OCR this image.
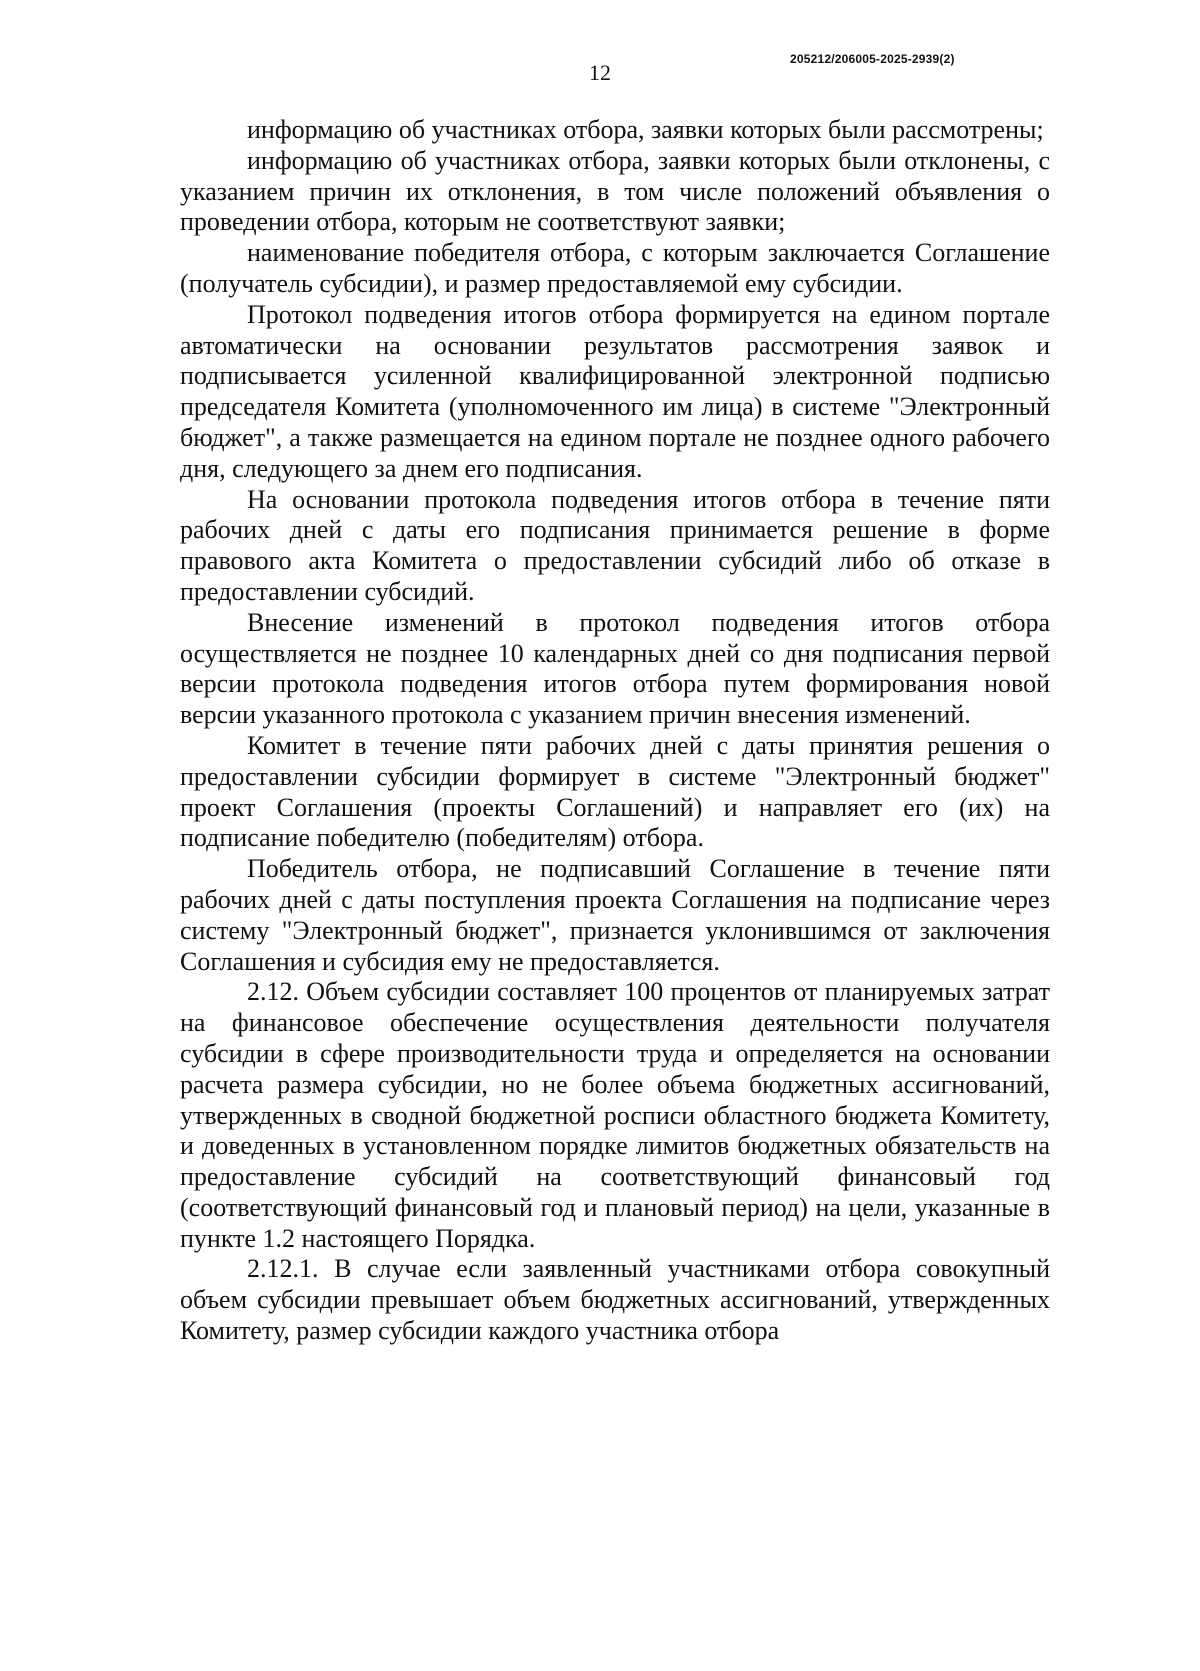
12
205212/206005-2025-2939(2)

информацию об участниках отбора, заявки которых были рассмотрены;

информацию об участниках отбора, заявки которых были отклонены, с указанием причин их отклонения, в том числе положений объявления о проведении отбора, которым не соответствуют заявки;

наименование победителя отбора, с которым заключается Соглашение (получатель субсидии), и размер предоставляемой ему субсидии.

Протокол подведения итогов отбора формируется на едином портале автоматически на основании результатов рассмотрения заявок и подписывается усиленной квалифицированной электронной подписью председателя Комитета (уполномоченного им лица) в системе "Электронный бюджет", а также размещается на едином портале не позднее одного рабочего дня, следующего за днем его подписания.

На основании протокола подведения итогов отбора в течение пяти рабочих дней с даты его подписания принимается решение в форме правового акта Комитета о предоставлении субсидий либо об отказе в предоставлении субсидий.

Внесение изменений в протокол подведения итогов отбора осуществляется не позднее 10 календарных дней со дня подписания первой версии протокола подведения итогов отбора путем формирования новой версии указанного протокола с указанием причин внесения изменений.

Комитет в течение пяти рабочих дней с даты принятия решения о предоставлении субсидии формирует в системе "Электронный бюджет" проект Соглашения (проекты Соглашений) и направляет его (их) на подписание победителю (победителям) отбора.

Победитель отбора, не подписавший Соглашение в течение пяти рабочих дней с даты поступления проекта Соглашения на подписание через систему "Электронный бюджет", признается уклонившимся от заключения Соглашения и субсидия ему не предоставляется.

2.12. Объем субсидии составляет 100 процентов от планируемых затрат на финансовое обеспечение осуществления деятельности получателя субсидии в сфере производительности труда и определяется на основании расчета размера субсидии, но не более объема бюджетных ассигнований, утвержденных в сводной бюджетной росписи областного бюджета Комитету, и доведенных в установленном порядке лимитов бюджетных обязательств на предоставление субсидий на соответствующий финансовый год (соответствующий финансовый год и плановый период) на цели, указанные в пункте 1.2 настоящего Порядка.

2.12.1. В случае если заявленный участниками отбора совокупный объем субсидии превышает объем бюджетных ассигнований, утвержденных Комитету, размер субсидии каждого участника отбора
